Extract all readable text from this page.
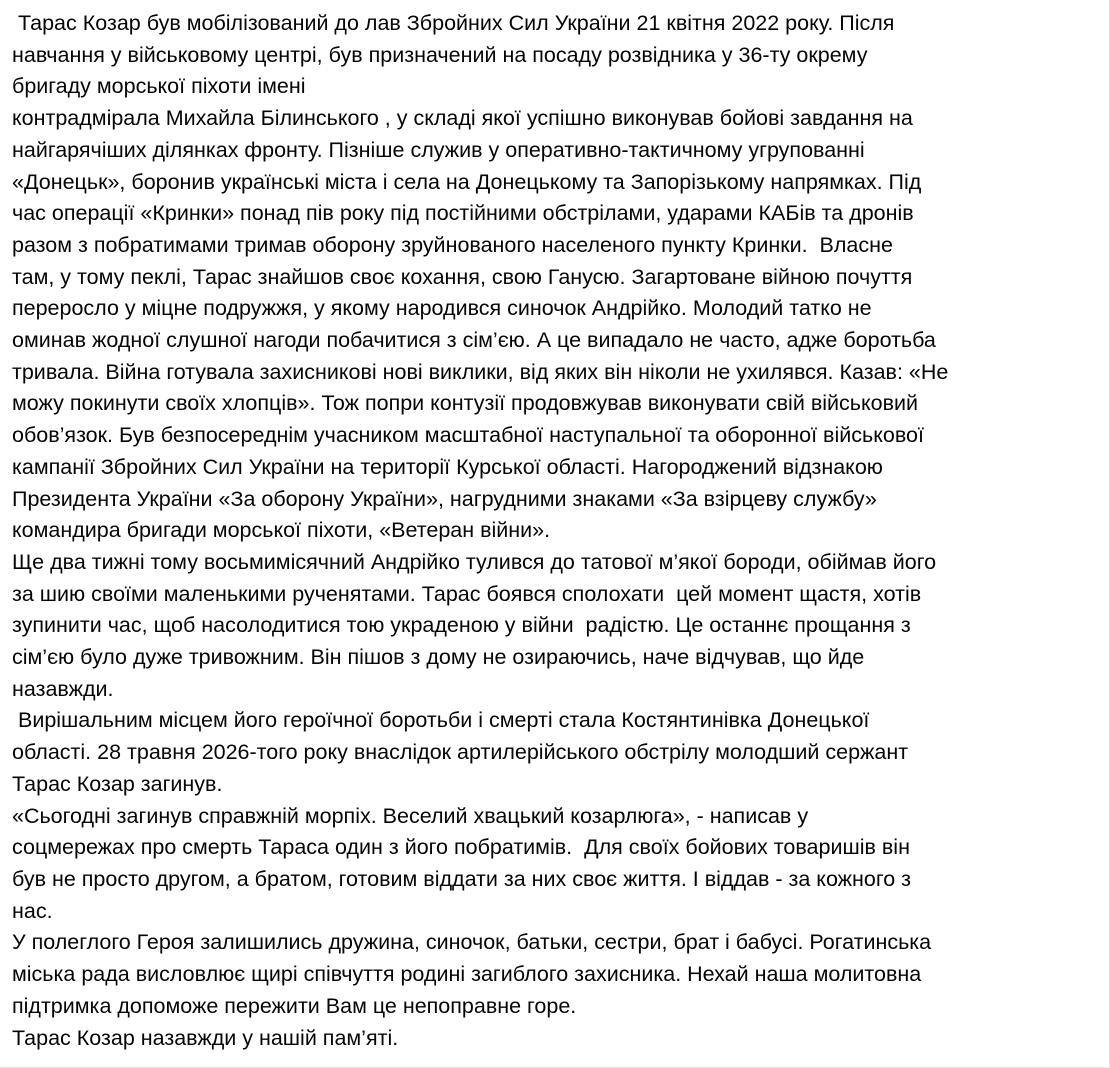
Тарас Козар був мобілізований до лав Збройних Сил України 21 квітня 2022 року. Після
навчання у військовому центрі, був призначений на посаду розвідника у 36-ту окрему
бригаду морської піхоти імені
контрадмірала Михайла Білинського , у складі якої успішно виконував бойові завдання на
найгарячіших ділянках фронту. Пізніше служив у оперативно-тактичному угрупованні
«Донецьк», боронив українські міста і села на Донецькому та Запорізькому напрямках. Під
час операції «Кринки» понад пів року під постійними обстрілами, ударами КАБів та дронів
разом з побратимами тримав оборону зруйнованого населеного пункту Кринки.  Власне
там, у тому пеклі, Тарас знайшов своє кохання, свою Ганусю. Загартоване війною почуття
переросло у міцне подружжя, у якому народився синочок Андрійко. Молодий татко не
оминав жодної слушної нагоди побачитися з сім’єю. А це випадало не часто, адже боротьба
тривала. Війна готувала захисникові нові виклики, від яких він ніколи не ухилявся. Казав: «Не
можу покинути своїх хлопців». Тож попри контузії продовжував виконувати свій військовий
обов’язок. Був безпосереднім учасником масштабної наступальної та оборонної військової
кампанії Збройних Сил України на території Курської області. Нагороджений відзнакою
Президента України «За оборону України», нагрудними знаками «За взірцеву службу»
командира бригади морської піхоти, «Ветеран війни».
Ще два тижні тому восьмимісячний Андрійко тулився до татової м’якої бороди, обіймав його
за шию своїми маленькими рученятами. Тарас боявся сполохати  цей момент щастя, хотів
зупинити час, щоб насолодитися тою украденою у війни  радістю. Це останнє прощання з
сім’єю було дуже тривожним. Він пішов з дому не озираючись, наче відчував, що йде
назавжди.
Вирішальним місцем його героїчної боротьби і смерті стала Костянтинівка Донецької
області. 28 травня 2026-того року внаслідок артилерійського обстрілу молодший сержант
Тарас Козар загинув.
«Сьогодні загинув справжній морпіх. Веселий хвацький козарлюга», - написав у
соцмережах про смерть Тараса один з його побратимів.  Для своїх бойових товаришів він
був не просто другом, а братом, готовим віддати за них своє життя. І віддав - за кожного з
нас.
У полеглого Героя залишились дружина, синочок, батьки, сестри, брат і бабусі. Рогатинська
міська рада висловлює щирі співчуття родині загиблого захисника. Нехай наша молитовна
підтримка допоможе пережити Вам це непоправне горе.
Тарас Козар назавжди у нашій пам’яті.
